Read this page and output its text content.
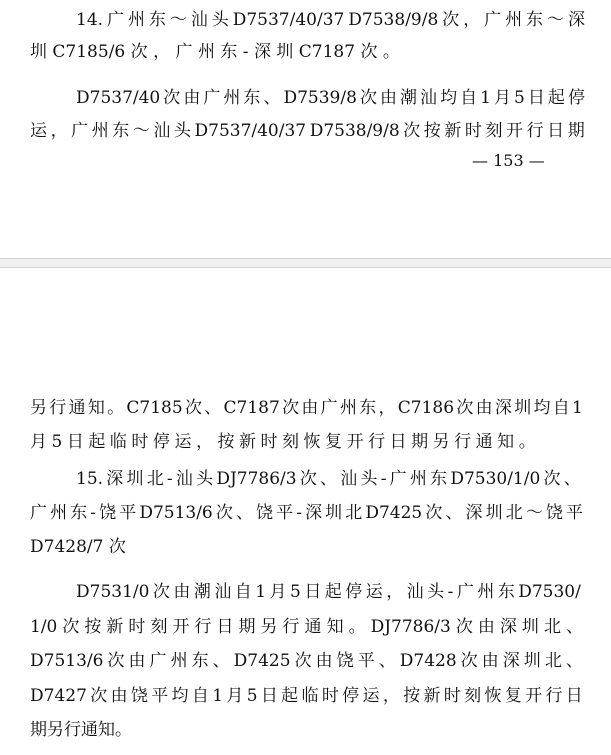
14. 广 州 东 ～ 汕 头 D7537/40/37 D7538/9/8 次 ， 广 州 东 ～ 深
圳 C7185/6 次 ， 广 州 东 - 深 圳 C7187 次 。
D7537/40 次 由 广 州 东 、 D7539/8 次 由 潮 汕 均 自 1 月 5 日 起 停
运 ， 广 州 东 ～ 汕 头 D7537/40/37 D7538/9/8 次 按 新 时 刻 开 行 日 期
— 153 —
另 行 通 知 。 C7185 次 、 C7187 次 由 广 州 东 ， C7186 次 由 深 圳 均 自 1
月 5 日 起 临 时 停 运 ， 按 新 时 刻 恢 复 开 行 日 期 另 行 通 知 。
15. 深 圳 北 - 汕 头 DJ7786/3 次 、 汕 头 - 广 州 东 D7530/1/0 次 、
广 州 东 - 饶 平 D7513/6 次 、 饶 平 - 深 圳 北 D7425 次 、 深 圳 北 ～ 饶 平
D7428/7 次
D7531/0 次 由 潮 汕 自 1 月 5 日 起 停 运 ， 汕 头 - 广 州 东 D7530/
1/0 次 按 新 时 刻 开 行 日 期 另 行 通 知 。 DJ7786/3 次 由 深 圳 北 、
D7513/6 次 由 广 州 东 、 D7425 次 由 饶 平 、 D7428 次 由 深 圳 北 、
D7427 次 由 饶 平 均 自 1 月 5 日 起 临 时 停 运 ， 按 新 时 刻 恢 复 开 行 日
期另行通知。
